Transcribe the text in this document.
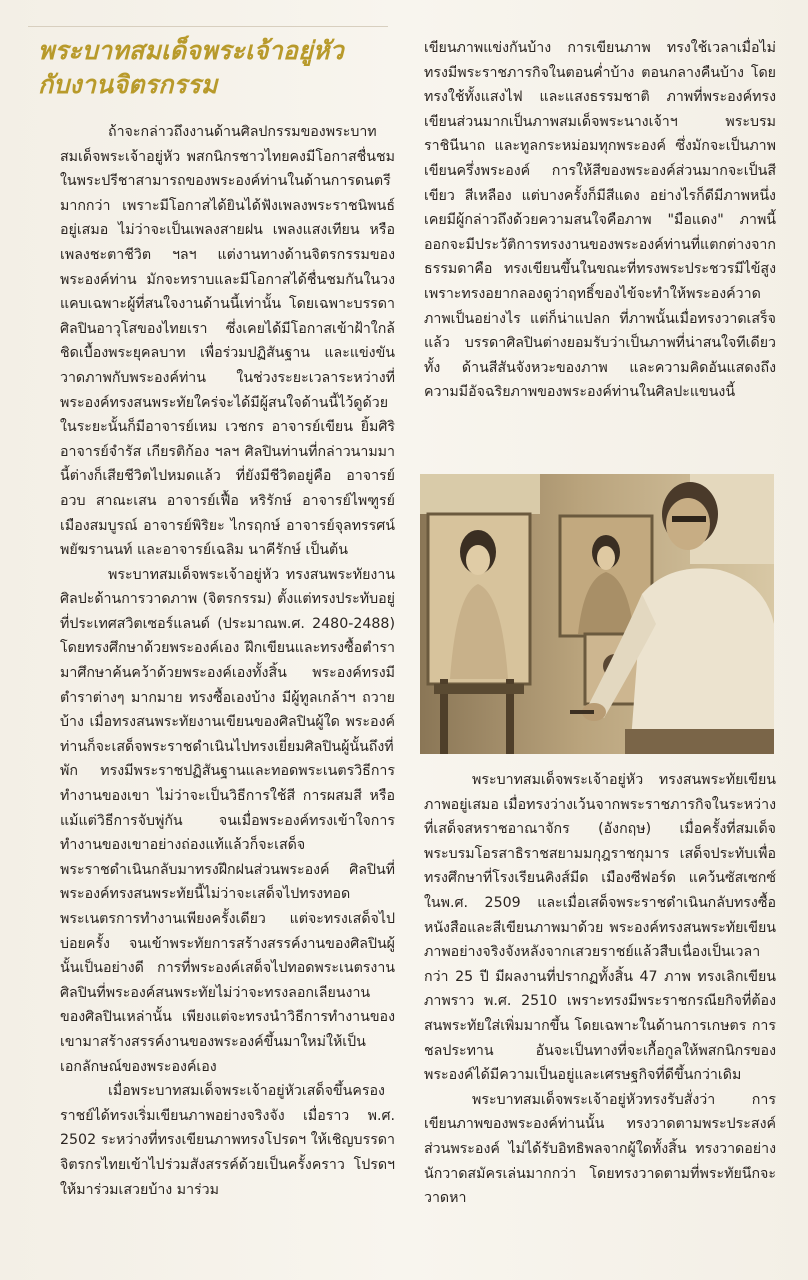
พระบาทสมเด็จพระเจ้าอยู่หัว
กับงานจิตรกรรม

ถ้าจะกล่าวถึงงานด้านศิลปกรรมของพระบาทสมเด็จพระเจ้าอยู่หัว พสกนิกรชาวไทยคงมีโอกาสชื่นชมในพระปรีชาสามารถของพระองค์ท่านในด้านการดนตรีมากกว่า เพราะมีโอกาสได้ยินได้ฟังเพลงพระราชนิพนธ์อยู่เสมอ ไม่ว่าจะเป็นเพลงสายฝน เพลงแสงเทียน หรือเพลงชะตาชีวิต ฯลฯ แต่งานทางด้านจิตรกรรมของพระองค์ท่าน มักจะทราบและมีโอกาสได้ชื่นชมกันในวงแคบเฉพาะผู้ที่สนใจงานด้านนี้เท่านั้น โดยเฉพาะบรรดาศิลปินอาวุโสของไทยเรา ซึ่งเคยได้มีโอกาสเข้าฝ้าใกล้ชิดเบื้องพระยุคลบาท เพื่อร่วมปฏิสันฐาน และแข่งขันวาดภาพกับพระองค์ท่าน ในช่วงระยะเวลาระหว่างที่พระองค์ทรงสนพระทัยใคร่จะได้มีผู้สนใจด้านนี้ไว้ดูด้วยในระยะนั้นก็มีอาจารย์เหม เวชกร อาจารย์เขียน ยิ้มศิริ อาจารย์จำรัส เกียรติก้อง ฯลฯ ศิลปินท่านที่กล่าวนามมานี้ต่างก็เสียชีวิตไปหมดแล้ว ที่ยังมีชีวิตอยู่คือ อาจารย์อวบ สาณะเสน อาจารย์เฟื้อ หริรักษ์ อาจารย์ไพฑูรย์ เมืองสมบูรณ์ อาจารย์พิริยะ ไกรฤกษ์ อาจารย์จุลทรรศน์ พยัฆรานนท์ และอาจารย์เฉลิม นาคีรักษ์ เป็นต้น

พระบาทสมเด็จพระเจ้าอยู่หัว ทรงสนพระทัยงานศิลปะด้านการวาดภาพ (จิตรกรรม) ตั้งแต่ทรงประทับอยู่ที่ประเทศสวิตเซอร์แลนด์ (ประมาณพ.ศ. 2480-2488) โดยทรงศึกษาด้วยพระองค์เอง ฝึกเขียนและทรงซื้อตำรามาศึกษาค้นคว้าด้วยพระองค์เองทั้งสิ้น พระองค์ทรงมีตำราต่างๆ มากมาย ทรงซื้อเองบ้าง มีผู้ทูลเกล้าฯ ถวายบ้าง เมื่อทรงสนพระทัยงานเขียนของศิลปินผู้ใด พระองค์ท่านก็จะเสด็จพระราชดำเนินไปทรงเยี่ยมศิลปินผู้นั้นถึงที่พัก ทรงมีพระราชปฏิสันฐานและทอดพระเนตรวิธีการทำงานของเขา ไม่ว่าจะเป็นวิธีการใช้สี การผสมสี หรือแม้แต่วิธีการจับพู่กัน จนเมื่อพระองค์ทรงเข้าใจการทำงานของเขาอย่างถ่องแท้แล้วก็จะเสด็จพระราชดำเนินกลับมาทรงฝึกฝนส่วนพระองค์ ศิลปินที่พระองค์ทรงสนพระทัยนี้ไม่ว่าจะเสด็จไปทรงทอดพระเนตรการทำงานเพียงครั้งเดียว แต่จะทรงเสด็จไปบ่อยครั้ง จนเข้าพระทัยการสร้างสรรค์งานของศิลปินผู้นั้นเป็นอย่างดี การที่พระองค์เสด็จไปทอดพระเนตรงานศิลปินที่พระองค์สนพระทัยไม่ว่าจะทรงลอกเลียนงานของศิลปินเหล่านั้น เพียงแต่จะทรงนำวิธีการทำงานของเขามาสร้างสรรค์งานของพระองค์ขึ้นมาใหม่ให้เป็นเอกลักษณ์ของพระองค์เอง

เมื่อพระบาทสมเด็จพระเจ้าอยู่หัวเสด็จขึ้นครองราชย์ได้ทรงเริ่มเขียนภาพอย่างจริงจัง เมื่อราว พ.ศ. 2502 ระหว่างที่ทรงเขียนภาพทรงโปรดฯ ให้เชิญบรรดาจิตรกรไทยเข้าไปร่วมสังสรรค์ด้วยเป็นครั้งคราว โปรดฯ ให้มาร่วมเสวยบ้าง มาร่วม

เขียนภาพแข่งกันบ้าง การเขียนภาพ ทรงใช้เวลาเมื่อไม่ทรงมีพระราชภารกิจในตอนค่ำบ้าง ตอนกลางคืนบ้าง โดยทรงใช้ทั้งแสงไฟ และแสงธรรมชาติ ภาพที่พระองค์ทรงเขียนส่วนมากเป็นภาพสมเด็จพระนางเจ้าฯ พระบรมราชินีนาถ และทูลกระหม่อมทุกพระองค์ ซึ่งมักจะเป็นภาพเขียนครึ่งพระองค์ การให้สีของพระองค์ส่วนมากจะเป็นสีเขียว สีเหลือง แต่บางครั้งก็มีสีแดง อย่างไรก็ดีมีภาพหนึ่ง เคยมีผู้กล่าวถึงด้วยความสนใจคือภาพ "มือแดง" ภาพนี้ออกจะมีประวัติการทรงงานของพระองค์ท่านที่แตกต่างจากธรรมดาคือ ทรงเขียนขึ้นในขณะที่ทรงพระประชวรมีไข้สูง เพราะทรงอยากลองดูว่าฤทธิ์ของไข้จะทำให้พระองค์วาดภาพเป็นอย่างไร แต่ก็น่าแปลก ที่ภาพนั้นเมื่อทรงวาดเสร็จแล้ว บรรดาศิลปินต่างยอมรับว่าเป็นภาพที่น่าสนใจทีเดียวทั้ง ด้านสีสันจังหวะของภาพ และความคิดอันแสดงถึงความมีอัจฉริยภาพของพระองค์ท่านในศิลปะแขนงนี้

พระบาทสมเด็จพระเจ้าอยู่หัว ทรงสนพระทัยเขียนภาพอยู่เสมอ เมื่อทรงว่างเว้นจากพระราชภารกิจในระหว่างที่เสด็จสหราชอาณาจักร (อังกฤษ) เมื่อครั้งที่สมเด็จพระบรมโอรสาธิราชสยามมกุฎราชกุมาร เสด็จประทับเพื่อทรงศึกษาที่โรงเรียนคิงส์มีด เมืองซีฟอร์ด แคว้นซัสเซกซ์ ในพ.ศ. 2509 และเมื่อเสด็จพระราชดำเนินกลับทรงซื้อหนังสือและสีเขียนภาพมาด้วย พระองค์ทรงสนพระทัยเขียนภาพอย่างจริงจังหลังจากเสวยราชย์แล้วสืบเนื่องเป็นเวลากว่า 25 ปี มีผลงานที่ปรากฏทั้งสิ้น 47 ภาพ ทรงเลิกเขียนภาพราว พ.ศ. 2510 เพราะทรงมีพระราชกรณียกิจที่ต้องสนพระทัยใส่เพิ่มมากขึ้น โดยเฉพาะในด้านการเกษตร การชลประทาน อันจะเป็นทางที่จะเกื้อกูลให้พสกนิกรของพระองค์ได้มีความเป็นอยู่และเศรษฐกิจที่ดีขึ้นกว่าเดิม

พระบาทสมเด็จพระเจ้าอยู่หัวทรงรับสั่งว่า การเขียนภาพของพระองค์ท่านนั้น ทรงวาดตามพระประสงค์ส่วนพระองค์ ไม่ได้รับอิทธิพลจากผู้ใดทั้งสิ้น ทรงวาดอย่างนักวาดสมัครเล่นมากกว่า โดยทรงวาดตามที่พระทัยนึกจะวาดหา
